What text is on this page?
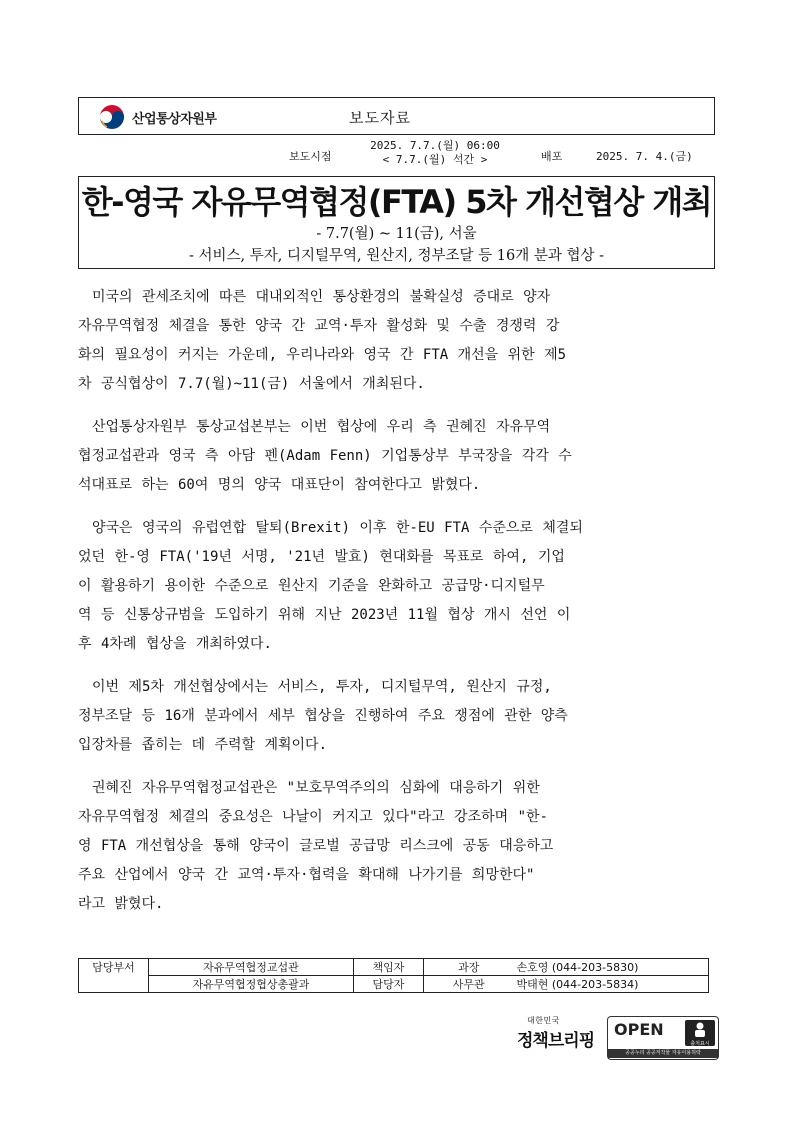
산업통상자원부	보도자료
보도시점
2025. 7.7.(월) 06:00
< 7.7.(월) 석간 >	배포	2025. 7. 4.(금)
한-영국 자유무역협정(FTA) 5차 개선협상 개최
- 7.7(월) ~ 11(금), 서울
- 서비스, 투자, 디지털무역, 원산지, 정부조달 등 16개 분과 협상 -
미국의 관세조치에 따른 대내외적인 통상환경의 불확실성 증대로 양자
자유무역협정 체결을 통한 양국 간 교역·투자 활성화 및 수출 경쟁력 강
화의 필요성이 커지는 가운데, 우리나라와 영국 간 FTA 개선을 위한 제5
차 공식협상이 7.7(월)~11(금) 서울에서 개최된다.
산업통상자원부 통상교섭본부는 이번 협상에 우리 측 권혜진 자유무역
협정교섭관과 영국 측 아담 펜(Adam Fenn) 기업통상부 부국장을 각각 수
석대표로 하는 60여 명의 양국 대표단이 참여한다고 밝혔다.
양국은 영국의 유럽연합 탈퇴(Brexit) 이후 한-EU FTA 수준으로 체결되
었던 한-영 FTA('19년 서명, '21년 발효) 현대화를 목표로 하여, 기업
이 활용하기 용이한 수준으로 원산지 기준을 완화하고 공급망·디지털무
역 등 신통상규범을 도입하기 위해 지난 2023년 11월 협상 개시 선언 이
후 4차례 협상을 개최하였다.
이번 제5차 개선협상에서는 서비스, 투자, 디지털무역, 원산지 규정,
정부조달 등 16개 분과에서 세부 협상을 진행하여 주요 쟁점에 관한 양측
입장차를 좁히는 데 주력할 계획이다.
권혜진 자유무역협정교섭관은 "보호무역주의의 심화에 대응하기 위한
자유무역협정 체결의 중요성은 나날이 커지고 있다"라고 강조하며 "한-
영 FTA 개선협상을 통해 양국이 글로벌 공급망 리스크에 공동 대응하고
주요 산업에서 양국 간 교역·투자·협력을 확대해 나가기를 희망한다"
라고 밝혔다.
담당부서	자유무역협정교섭관	책임자	과장	손호영 (044-203-5830)
	자유무역협정협상총괄과	담당자	사무관	박태현 (044-203-5834)
대한민국
정책브리핑
OPEN
출처표시
공공누리 공공저작물 자유이용허락
